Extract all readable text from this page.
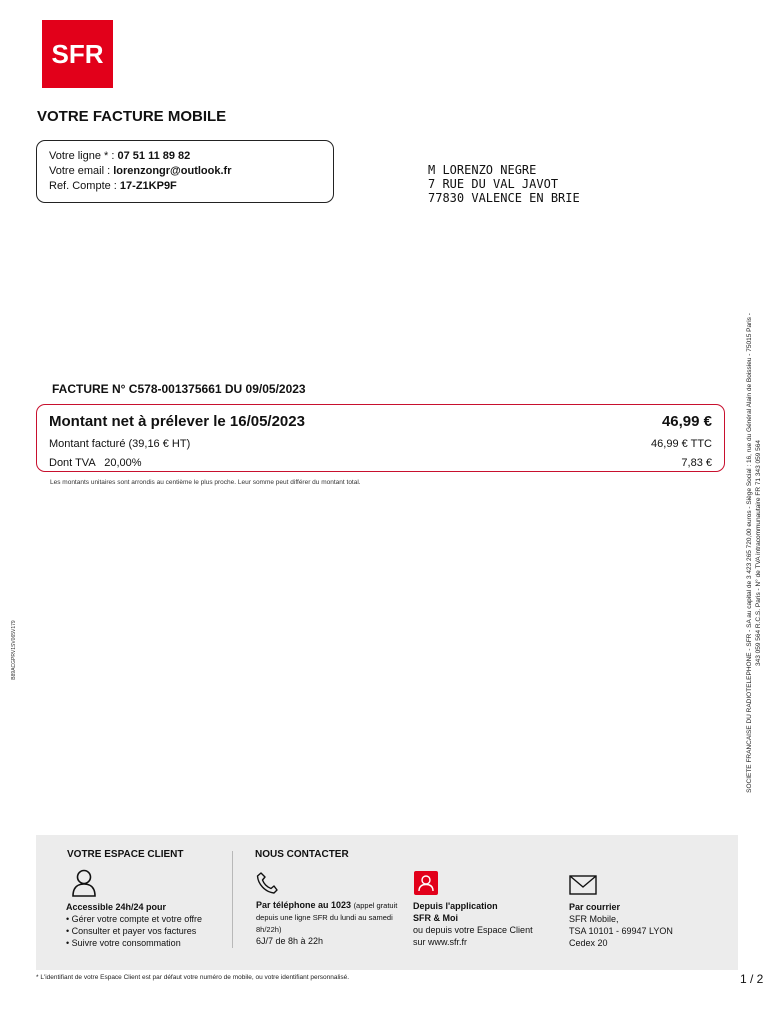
SFR
VOTRE FACTURE MOBILE
Votre ligne * : 07 51 11 89 82
Votre email : lorenzongr@outlook.fr
Ref. Compte : 17-Z1KP9F
M LORENZO NEGRE
7 RUE DU VAL JAVOT
77830 VALENCE EN BRIE
FACTURE N° C578-001375661 DU 09/05/2023
Montant net à prélever le 16/05/2023	46,99 €
Montant facturé (39,16 € HT)	46,99 € TTC
Dont TVA   20,00%	7,83 €
Les montants unitaires sont arrondis au centième le plus proche. Leur somme peut différer du montant total.	SOCIETE FRANCAISE DU RADIOTELEPHONE - SFR - SA au capital de 3 423 265 720,00 euros - Siège Social : 16, rue du Général Alain de Boissieu - 75015 Paris - 343 059 564 R.C.S. Paris - N° de TVA intracommunautaire FR 71 343 059 564
B89ACGPRV1SV065V179
VOTRE ESPACE CLIENT
Accessible 24h/24 pour
• Gérer votre compte et votre offre
• Consulter et payer vos factures
• Suivre votre consommation
NOUS CONTACTER
Par téléphone au 1023 (appel gratuit depuis une ligne SFR du lundi au samedi 8h/22h)
6J/7 de 8h à 22h
Depuis l'application
SFR & Moi
ou depuis votre Espace Client
sur www.sfr.fr
Par courrier
SFR Mobile,
TSA 10101 - 69947 LYON
Cedex 20
* L'identifiant de votre Espace Client est par défaut votre numéro de mobile, ou votre identifiant personnalisé.	1 / 2
